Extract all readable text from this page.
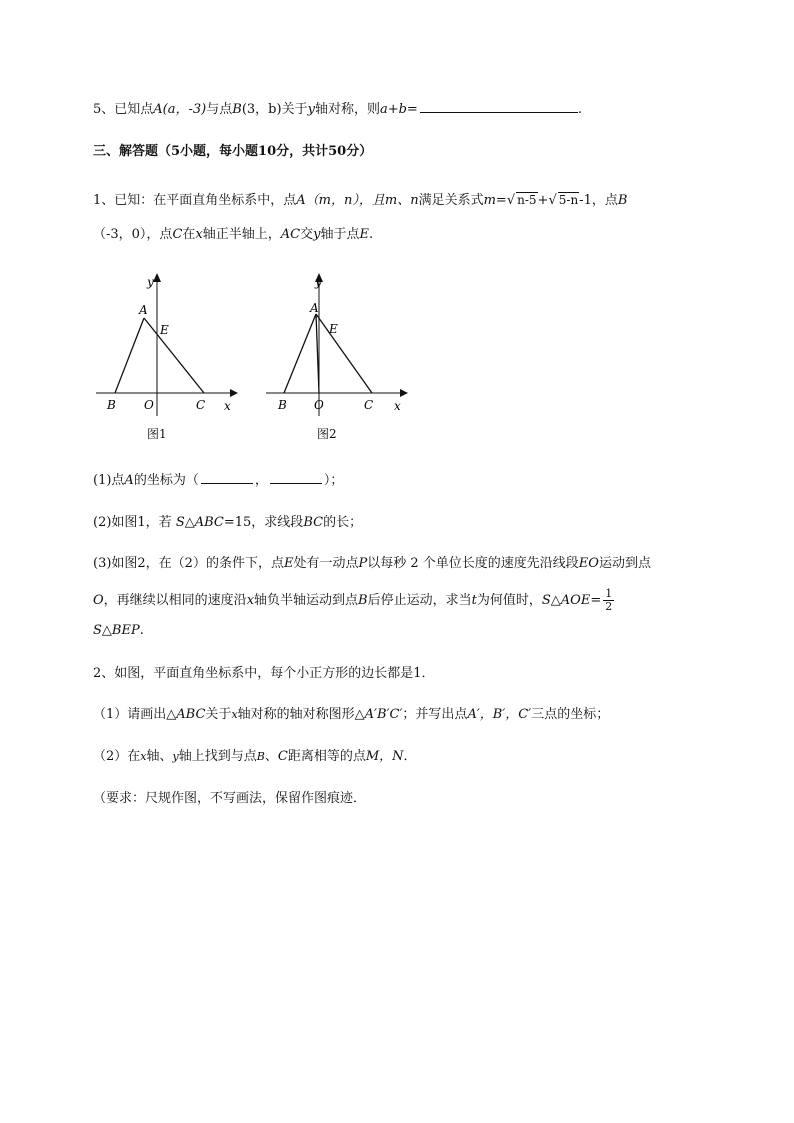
5、已知点A(a，-3)与点B(3，b)关于y轴对称，则a+b=	.
三、解答题（5小题，每小题10分，共计50分）
1、已知：在平面直角坐标系中，点A（m，n），且m、n满足关系式m=√ n-5+√ 5-n-1，点B
（-3，0），点C在x轴正半轴上，AC交y轴于点E.
y
x
A
E
B O	C
图1
y
x
A
E
B O	C
图2
(1)点A的坐标为（	，	）；
(2)如图1，若 S△ABC=15，求线段BC的长；
(3)如图2，在（2）的条件下，点E处有一动点P以每秒 2 个单位长度的速度先沿线段EO运动到点
O，再继续以相同的速度沿x轴负半轴运动到点B后停止运动，求当t为何值时，S△AOE= $\frac{1}{2}$
S△BEP.
2、如图，平面直角坐标系中，每个小正方形的边长都是1．
（1）请画出△ABC关于x轴对称的轴对称图形△A′B′C′；并写出点A′，B′，C′三点的坐标；
（2）在x轴、y轴上找到与点B、C距离相等的点M，N．
（要求：尺规作图，不写画法，保留作图痕迹．
